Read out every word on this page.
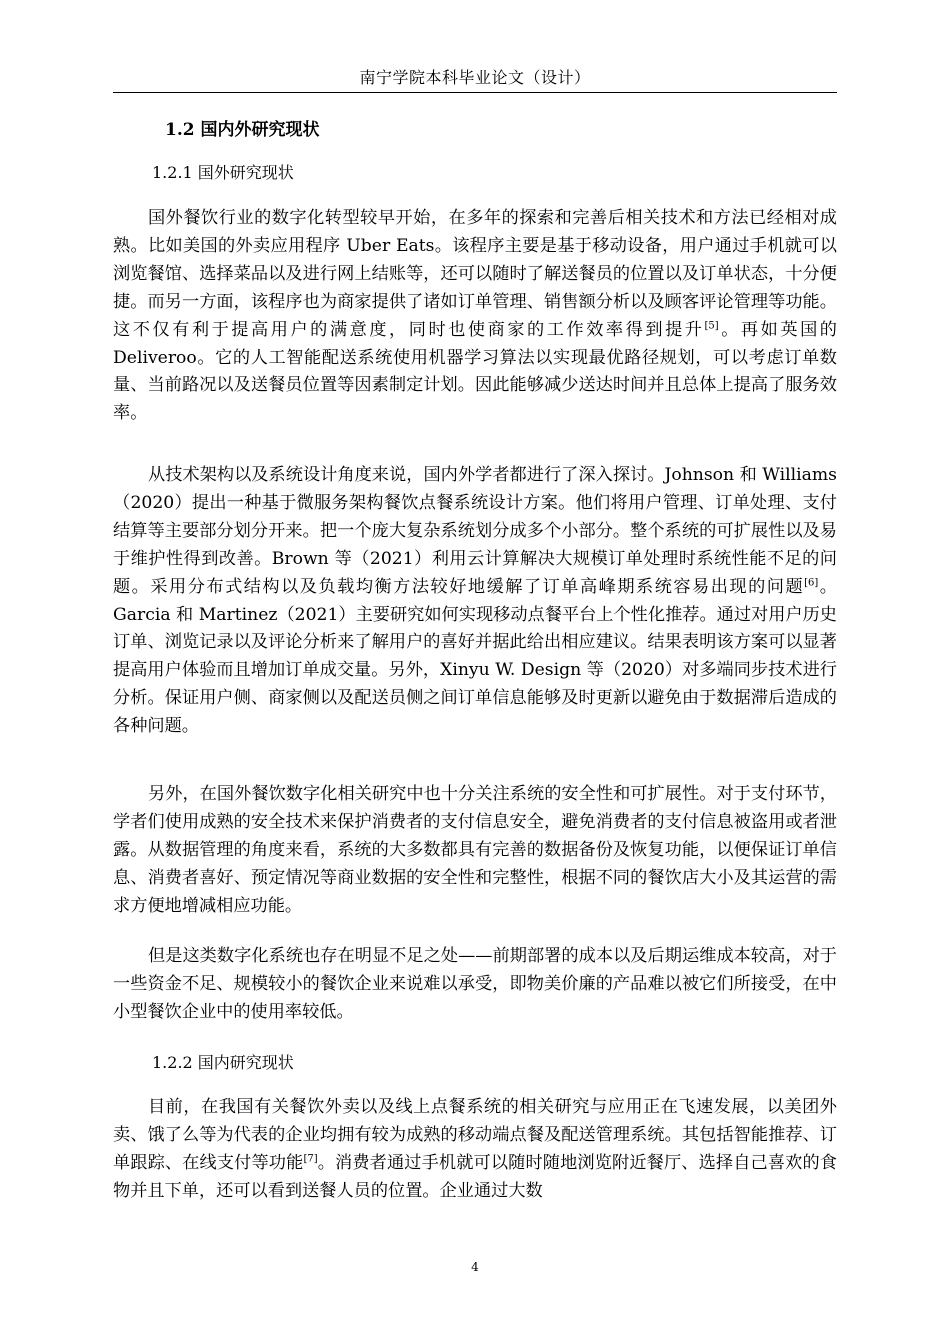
南宁学院本科毕业论文（设计）
1.2 国内外研究现状
1.2.1 国外研究现状

国外餐饮行业的数字化转型较早开始，在多年的探索和完善后相关技术和方法已经相对成熟。比如美国的外卖应用程序 Uber Eats。该程序主要是基于移动设备，用户通过手机就可以浏览餐馆、选择菜品以及进行网上结账等，还可以随时了解送餐员的位置以及订单状态，十分便捷。而另一方面，该程序也为商家提供了诸如订单管理、销售额分析以及顾客评论管理等功能。这不仅有利于提高用户的满意度，同时也使商家的工作效率得到提升[5]。再如英国的 Deliveroo。它的人工智能配送系统使用机器学习算法以实现最优路径规划，可以考虑订单数量、当前路况以及送餐员位置等因素制定计划。因此能够减少送达时间并且总体上提高了服务效率。

从技术架构以及系统设计角度来说，国内外学者都进行了深入探讨。Johnson 和 Williams（2020）提出一种基于微服务架构餐饮点餐系统设计方案。他们将用户管理、订单处理、支付结算等主要部分划分开来。把一个庞大复杂系统划分成多个小部分。整个系统的可扩展性以及易于维护性得到改善。Brown 等（2021）利用云计算解决大规模订单处理时系统性能不足的问题。采用分布式结构以及负载均衡方法较好地缓解了订单高峰期系统容易出现的问题[6]。Garcia 和 Martinez（2021）主要研究如何实现移动点餐平台上个性化推荐。通过对用户历史订单、浏览记录以及评论分析来了解用户的喜好并据此给出相应建议。结果表明该方案可以显著提高用户体验而且增加订单成交量。另外，Xinyu W. Design 等（2020）对多端同步技术进行分析。保证用户侧、商家侧以及配送员侧之间订单信息能够及时更新以避免由于数据滞后造成的各种问题。

另外，在国外餐饮数字化相关研究中也十分关注系统的安全性和可扩展性。对于支付环节，学者们使用成熟的安全技术来保护消费者的支付信息安全，避免消费者的支付信息被盗用或者泄露。从数据管理的角度来看，系统的大多数都具有完善的数据备份及恢复功能，以便保证订单信息、消费者喜好、预定情况等商业数据的安全性和完整性，根据不同的餐饮店大小及其运营的需求方便地增减相应功能。

但是这类数字化系统也存在明显不足之处——前期部署的成本以及后期运维成本较高，对于一些资金不足、规模较小的餐饮企业来说难以承受，即物美价廉的产品难以被它们所接受，在中小型餐饮企业中的使用率较低。

1.2.2 国内研究现状

目前，在我国有关餐饮外卖以及线上点餐系统的相关研究与应用正在飞速发展，以美团外卖、饿了么等为代表的企业均拥有较为成熟的移动端点餐及配送管理系统。其包括智能推荐、订单跟踪、在线支付等功能[7]。消费者通过手机就可以随时随地浏览附近餐厅、选择自己喜欢的食物并且下单，还可以看到送餐人员的位置。企业通过大数

4
